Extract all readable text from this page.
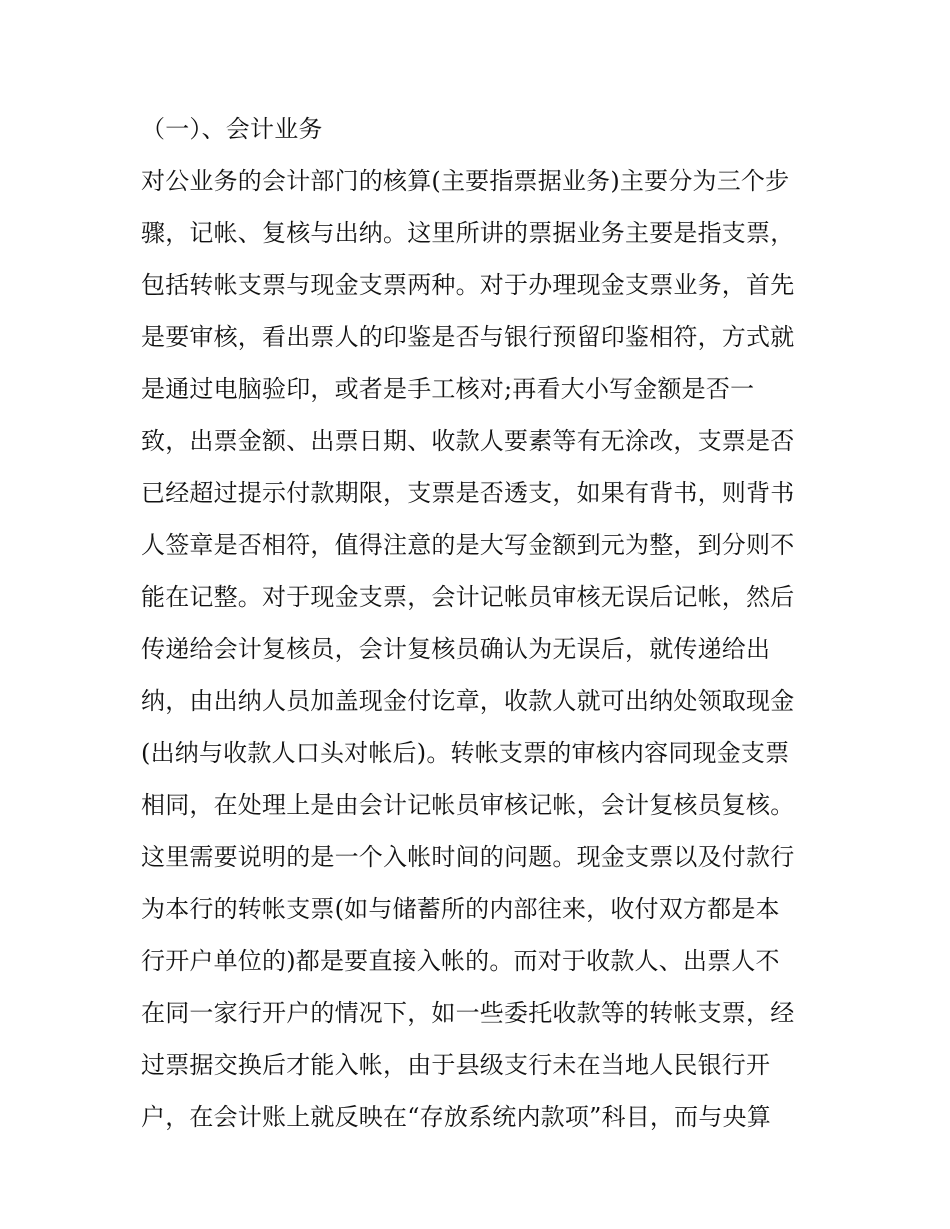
（一）、会计业务
对公业务的会计部门的核算(主要指票据业务)主要分为三个步
骤，记帐、复核与出纳。这里所讲的票据业务主要是指支票，
包括转帐支票与现金支票两种。对于办理现金支票业务，首先
是要审核，看出票人的印鉴是否与银行预留印鉴相符，方式就
是通过电脑验印，或者是手工核对;再看大小写金额是否一
致，出票金额、出票日期、收款人要素等有无涂改，支票是否
已经超过提示付款期限，支票是否透支，如果有背书，则背书
人签章是否相符，值得注意的是大写金额到元为整，到分则不
能在记整。对于现金支票，会计记帐员审核无误后记帐，然后
传递给会计复核员，会计复核员确认为无误后，就传递给出
纳，由出纳人员加盖现金付讫章，收款人就可出纳处领取现金
(出纳与收款人口头对帐后)。转帐支票的审核内容同现金支票
相同，在处理上是由会计记帐员审核记帐，会计复核员复核。
这里需要说明的是一个入帐时间的问题。现金支票以及付款行
为本行的转帐支票(如与储蓄所的内部往来，收付双方都是本
行开户单位的)都是要直接入帐的。而对于收款人、出票人不
在同一家行开户的情况下，如一些委托收款等的转帐支票，经
过票据交换后才能入帐，由于县级支行未在当地人民银行开
户，在会计账上就反映在“存放系统内款项”科目，而与央算
